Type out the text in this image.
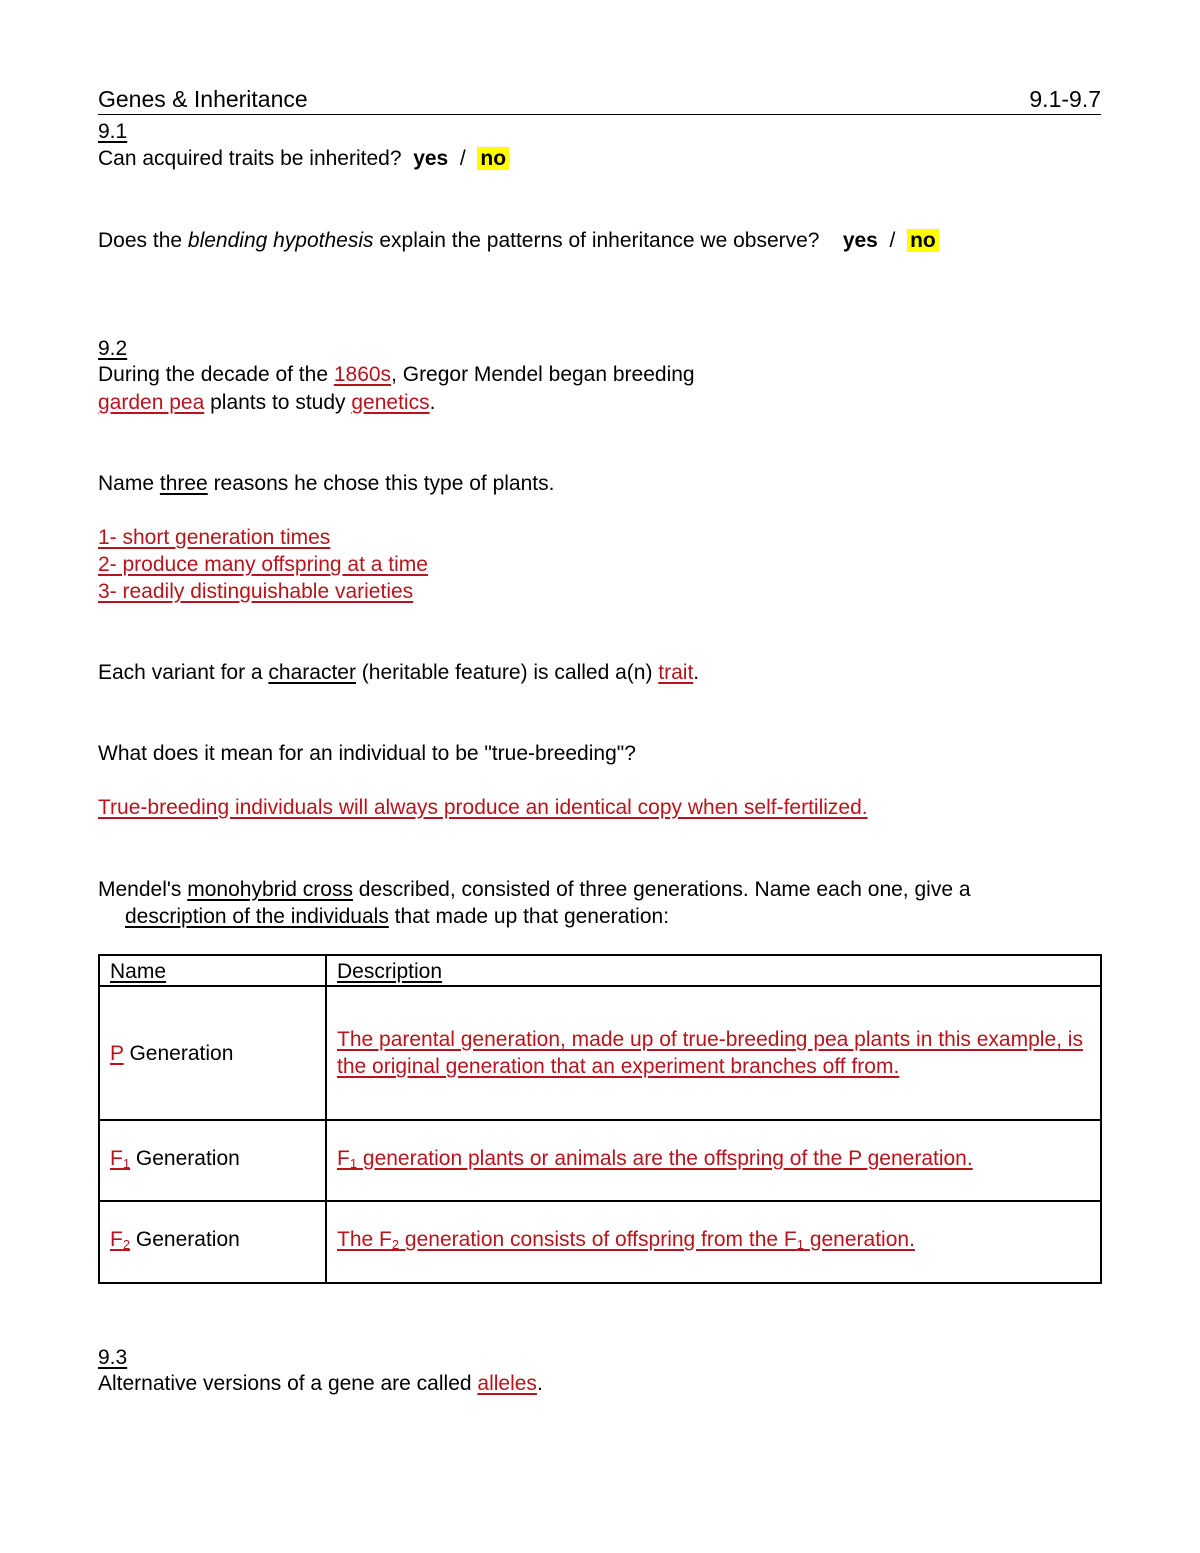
Genes & Inheritance	9.1-9.7
9.1
Can acquired traits be inherited? yes / no
Does the blending hypothesis explain the patterns of inheritance we observe? yes / no
9.2
During the decade of the 1860s, Gregor Mendel began breeding
garden pea plants to study genetics.
Name three reasons he chose this type of plants.
1- short generation times
2- produce many offspring at a time
3- readily distinguishable varieties
Each variant for a character (heritable feature) is called a(n) trait.
What does it mean for an individual to be "true-breeding"?
True-breeding individuals will always produce an identical copy when self-fertilized.
Mendel's monohybrid cross described, consisted of three generations. Name each one, give a
description of the individuals that made up that generation:
Name	Description
P Generation	The parental generation, made up of true-breeding pea plants in this example, is the original generation that an experiment branches off from.
$F_1$ Generation	$F_1$ generation plants or animals are the offspring of the P generation.
$F_2$ Generation	The $F_2$ generation consists of offspring from the $F_1$ generation.
9.3
Alternative versions of a gene are called alleles.
